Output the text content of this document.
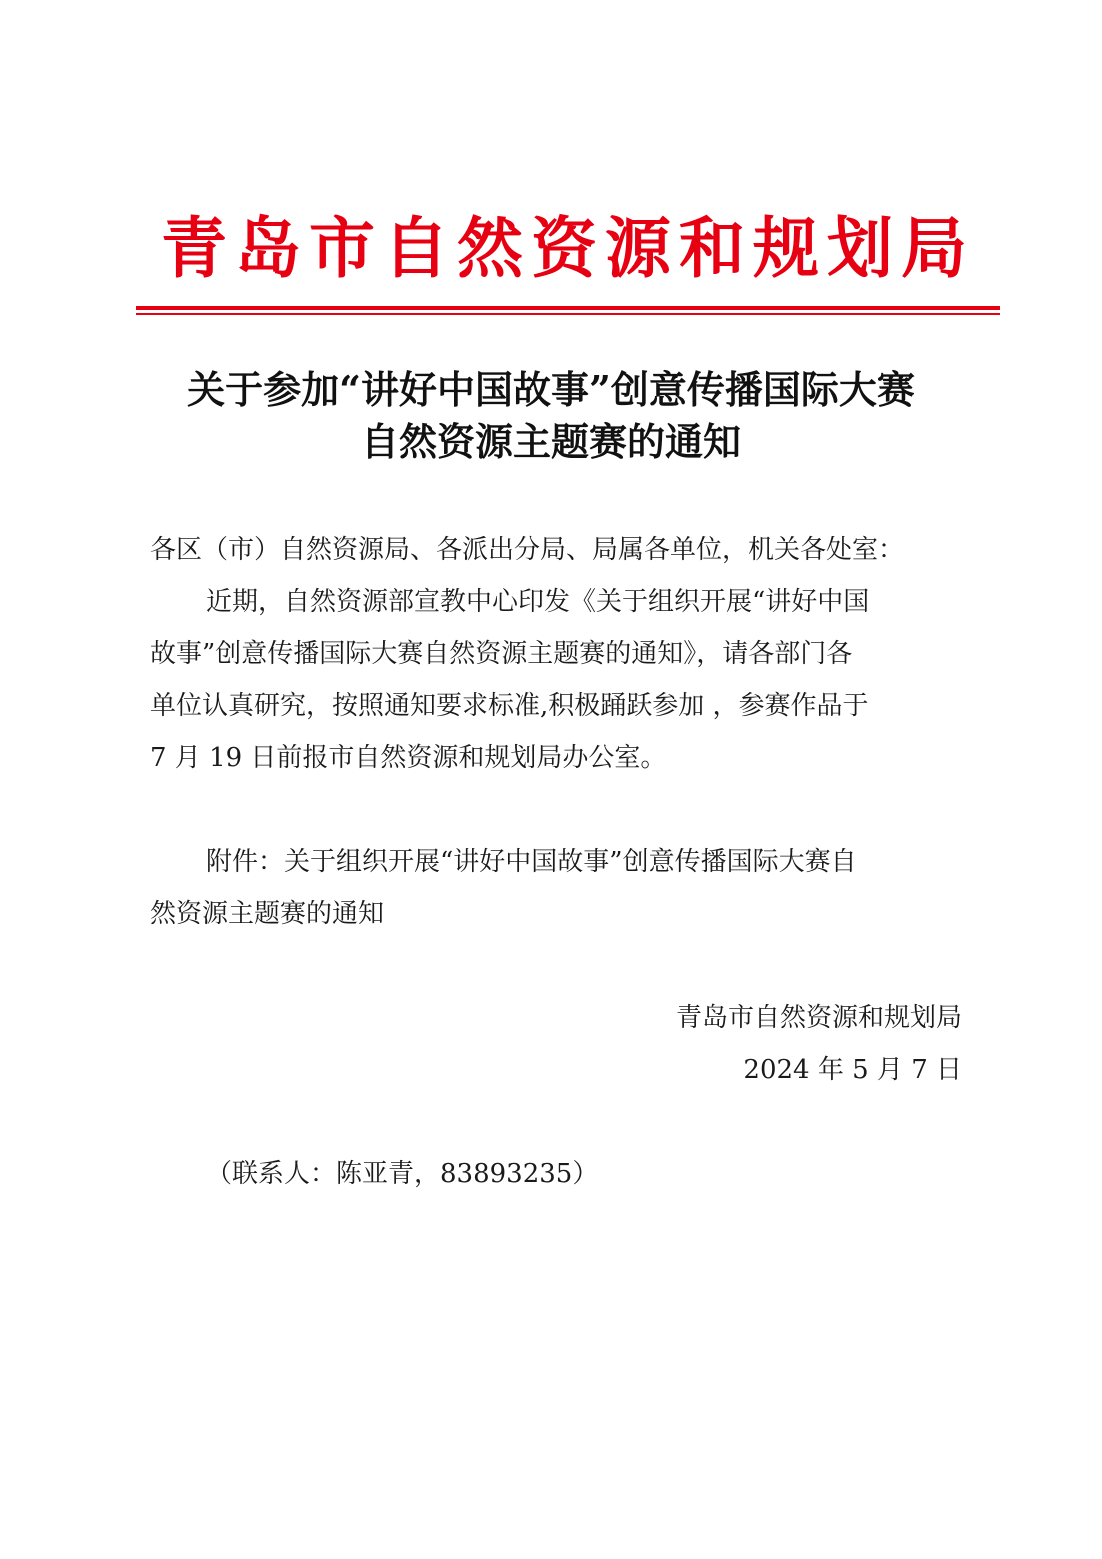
青岛市自然资源和规划局
关于参加“讲好中国故事”创意传播国际大赛
自然资源主题赛的通知
各区（市）自然资源局、各派出分局、局属各单位，机关各处室：
近期，自然资源部宣教中心印发《关于组织开展“讲好中国
故事”创意传播国际大赛自然资源主题赛的通知》，请各部门各
单位认真研究，按照通知要求标准,积极踊跃参加 ，参赛作品于
7 月 19 日前报市自然资源和规划局办公室。
附件：关于组织开展“讲好中国故事”创意传播国际大赛自
然资源主题赛的通知
青岛市自然资源和规划局
2024 年 5 月 7 日
（联系人：陈亚青，83893235）
